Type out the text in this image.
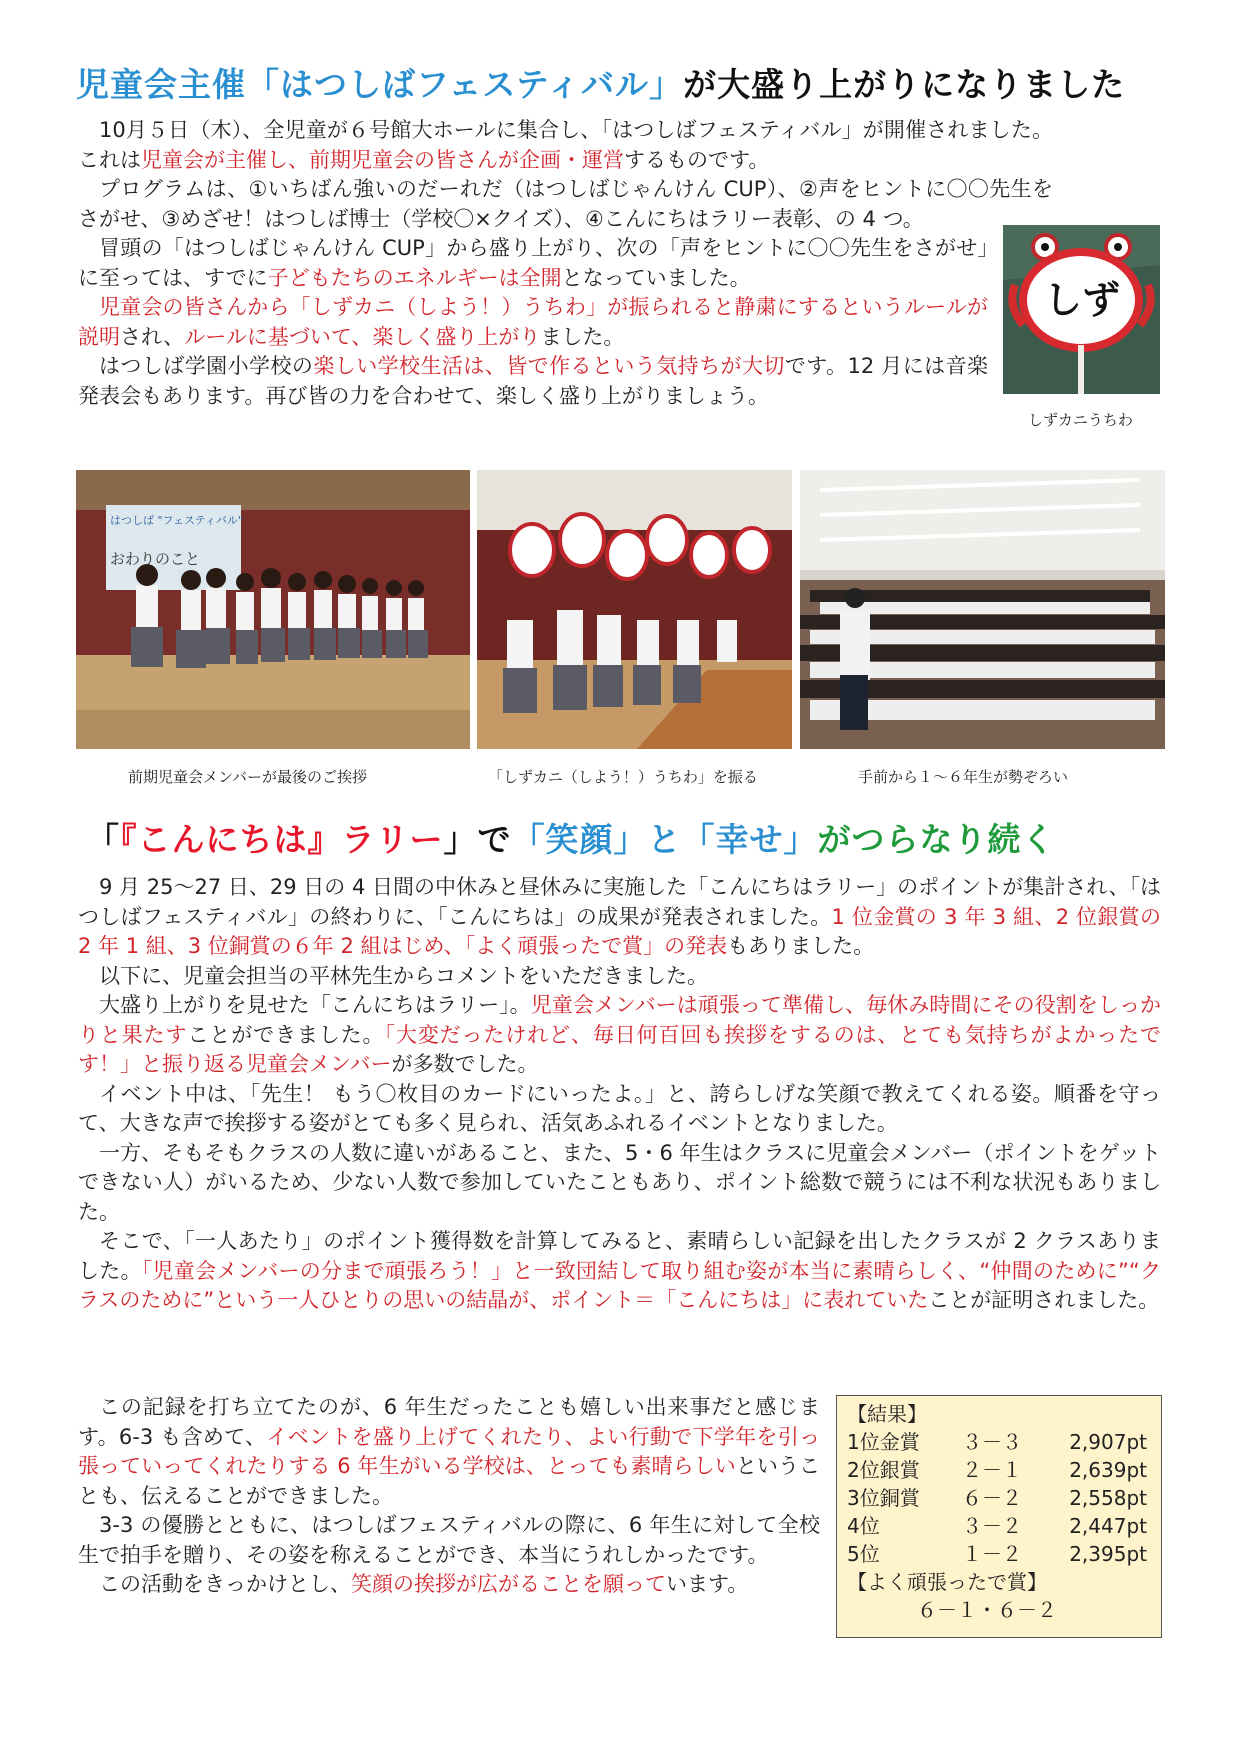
児童会主催「はつしばフェスティバル」が大盛り上がりになりました

10月５日（木）、全児童が６号館大ホールに集合し、「はつしばフェスティバル」が開催されました。これは児童会が主催し、前期児童会の皆さんが企画・運営するものです。

プログラムは、①いちばん強いのだーれだ（はつしばじゃんけん CUP）、②声をヒントに〇〇先生をさがせ、③めざせ！はつしば博士（学校〇×クイズ）、④こんにちはラリー表彰、の 4 つ。

冒頭の「はつしばじゃんけん CUP」から盛り上がり、次の「声をヒントに〇〇先生をさがせ」に至っては、すでに子どもたちのエネルギーは全開となっていました。

児童会の皆さんから「しずカニ（しよう！）うちわ」が振られると静粛にするというルールが説明され、ルールに基づいて、楽しく盛り上がりました。

はつしば学園小学校の楽しい学校生活は、皆で作るという気持ちが大切です。12 月には音楽発表会もあります。再び皆の力を合わせて、楽しく盛り上がりましょう。

しず
しずカニうちわ
はつしば "フェスティバル"
おわりのこと
前期児童会メンバーが最後のご挨拶	「しずカニ（しよう！）うちわ」を振る	手前から１～６年生が勢ぞろい
「『こんにちは』ラリー」で「笑顔」と「幸せ」がつらなり続く

9 月 25～27 日、29 日の 4 日間の中休みと昼休みに実施した「こんにちはラリー」のポイントが集計され、「はつしばフェスティバル」の終わりに、「こんにちは」の成果が発表されました。1 位金賞の 3 年 3 組、2 位銀賞の 2 年 1 組、3 位銅賞の６年 2 組はじめ、「よく頑張ったで賞」の発表もありました。

以下に、児童会担当の平林先生からコメントをいただきました。

大盛り上がりを見せた「こんにちはラリー」。児童会メンバーは頑張って準備し、毎休み時間にその役割をしっかりと果たすことができました。「大変だったけれど、毎日何百回も挨拶をするのは、とても気持ちがよかったです！」と振り返る児童会メンバーが多数でした。

イベント中は、「先生！ もう〇枚目のカードにいったよ。」と、誇らしげな笑顔で教えてくれる姿。順番を守って、大きな声で挨拶する姿がとても多く見られ、活気あふれるイベントとなりました。

一方、そもそもクラスの人数に違いがあること、また、5・6 年生はクラスに児童会メンバー（ポイントをゲットできない人）がいるため、少ない人数で参加していたこともあり、ポイント総数で競うには不利な状況もありました。

そこで、「一人あたり」のポイント獲得数を計算してみると、素晴らしい記録を出したクラスが 2 クラスありました。「児童会メンバーの分まで頑張ろう！」と一致団結して取り組む姿が本当に素晴らしく、“仲間のために”“クラスのために”という一人ひとりの思いの結晶が、ポイント＝「こんにちは」に表れていたことが証明されました。

この記録を打ち立てたのが、6 年生だったことも嬉しい出来事だと感じます。6-3 も含めて、イベントを盛り上げてくれたり、よい行動で下学年を引っ張っていってくれたりする 6 年生がいる学校は、とっても素晴らしいということも、伝えることができました。

3-3 の優勝とともに、はつしばフェスティバルの際に、6 年生に対して全校生で拍手を贈り、その姿を称えることができ、本当にうれしかったです。

この活動をきっかけとし、笑顔の挨拶が広がることを願っています。

【結果】
1位金賞	３－３	2,907pt
2位銀賞	２－１	2,639pt
3位銅賞	６－２	2,558pt
4位	３－２	2,447pt
5位	１－２	2,395pt
【よく頑張ったで賞】
６－１・６－２
